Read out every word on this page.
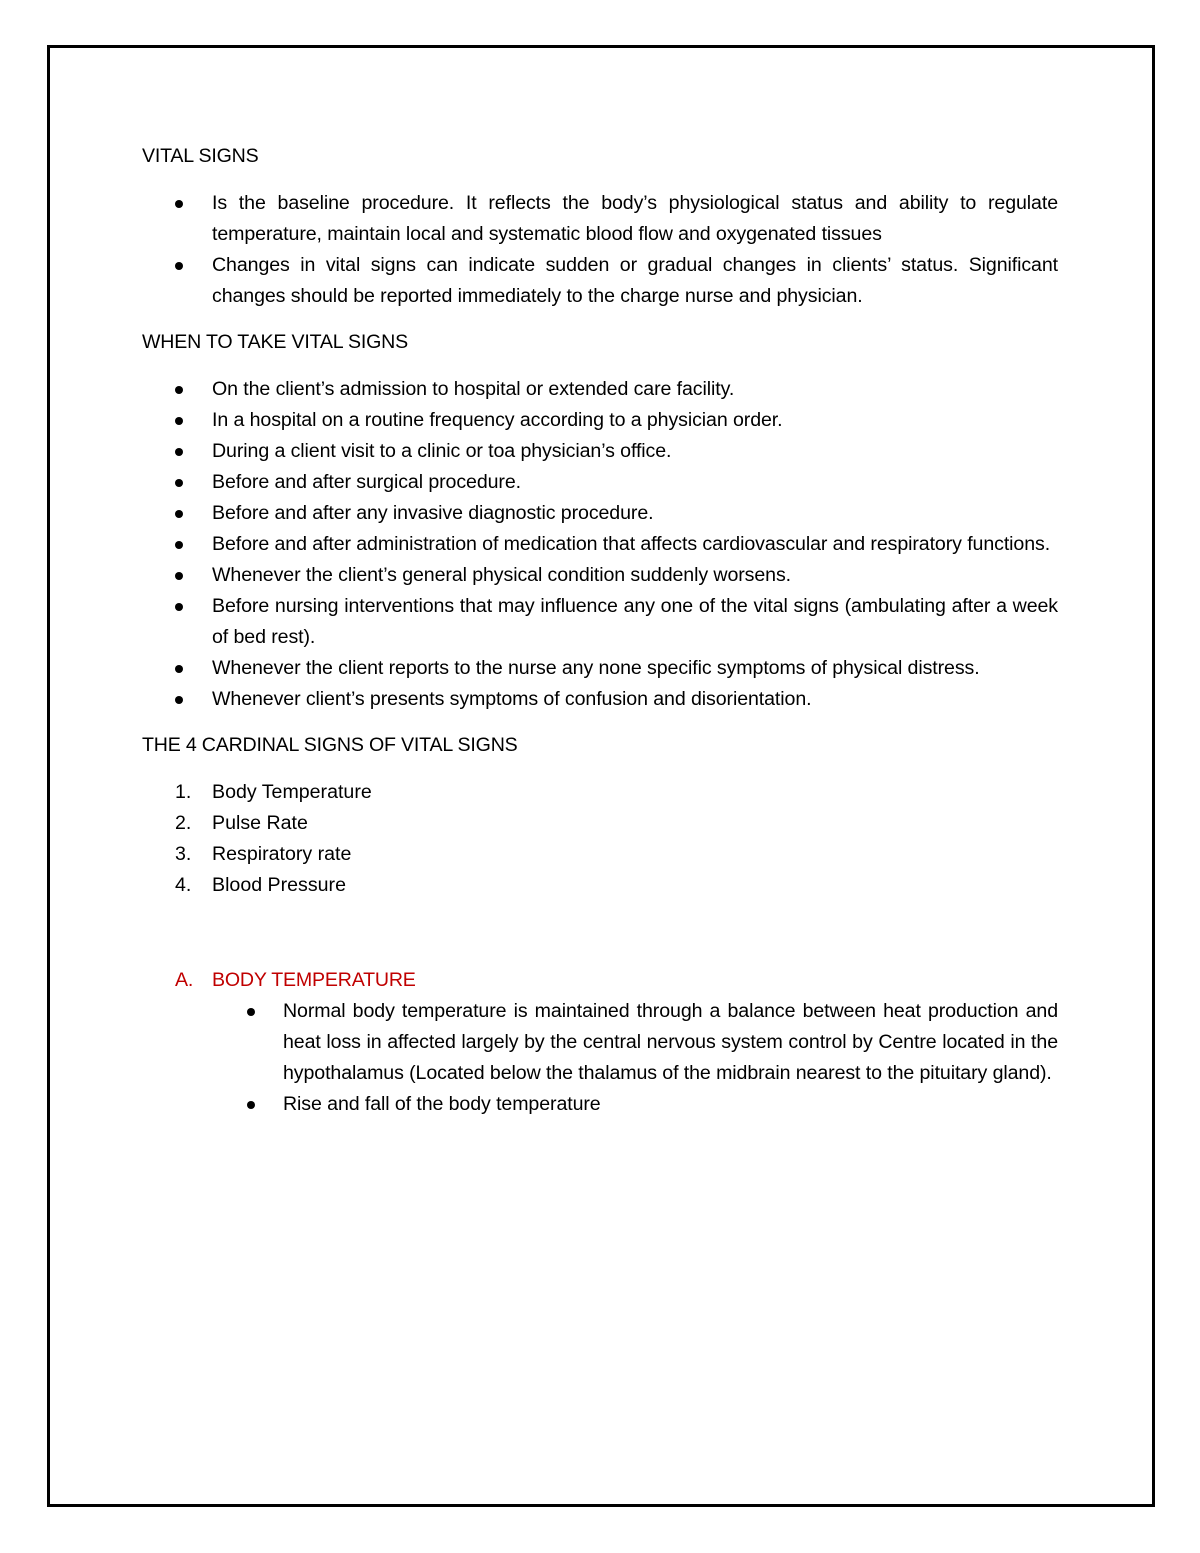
VITAL SIGNS
Is the baseline procedure. It reflects the body’s physiological status and ability to regulate temperature, maintain local and systematic blood flow and oxygenated tissues
Changes in vital signs can indicate sudden or gradual changes in clients’ status. Significant changes should be reported immediately to the charge nurse and physician.
WHEN TO TAKE VITAL SIGNS
On the client’s admission to hospital or extended care facility.
In a hospital on a routine frequency according to a physician order.
During a client visit to a clinic or toa physician’s office.
Before and after surgical procedure.
Before and after any invasive diagnostic procedure.
Before and after administration of medication that affects cardiovascular and respiratory functions.
Whenever the client’s general physical condition suddenly worsens.
Before nursing interventions that may influence any one of the vital signs (ambulating after a week of bed rest).
Whenever the client reports to the nurse any none specific symptoms of physical distress.
Whenever client’s presents symptoms of confusion and disorientation.
THE 4 CARDINAL SIGNS OF VITAL SIGNS
1. Body Temperature
2. Pulse Rate
3. Respiratory rate
4. Blood Pressure
A. BODY TEMPERATURE
Normal body temperature is maintained through a balance between heat production and heat loss in affected largely by the central nervous system control by Centre located in the hypothalamus (Located below the thalamus of the midbrain nearest to the pituitary gland).
Rise and fall of the body temperature
